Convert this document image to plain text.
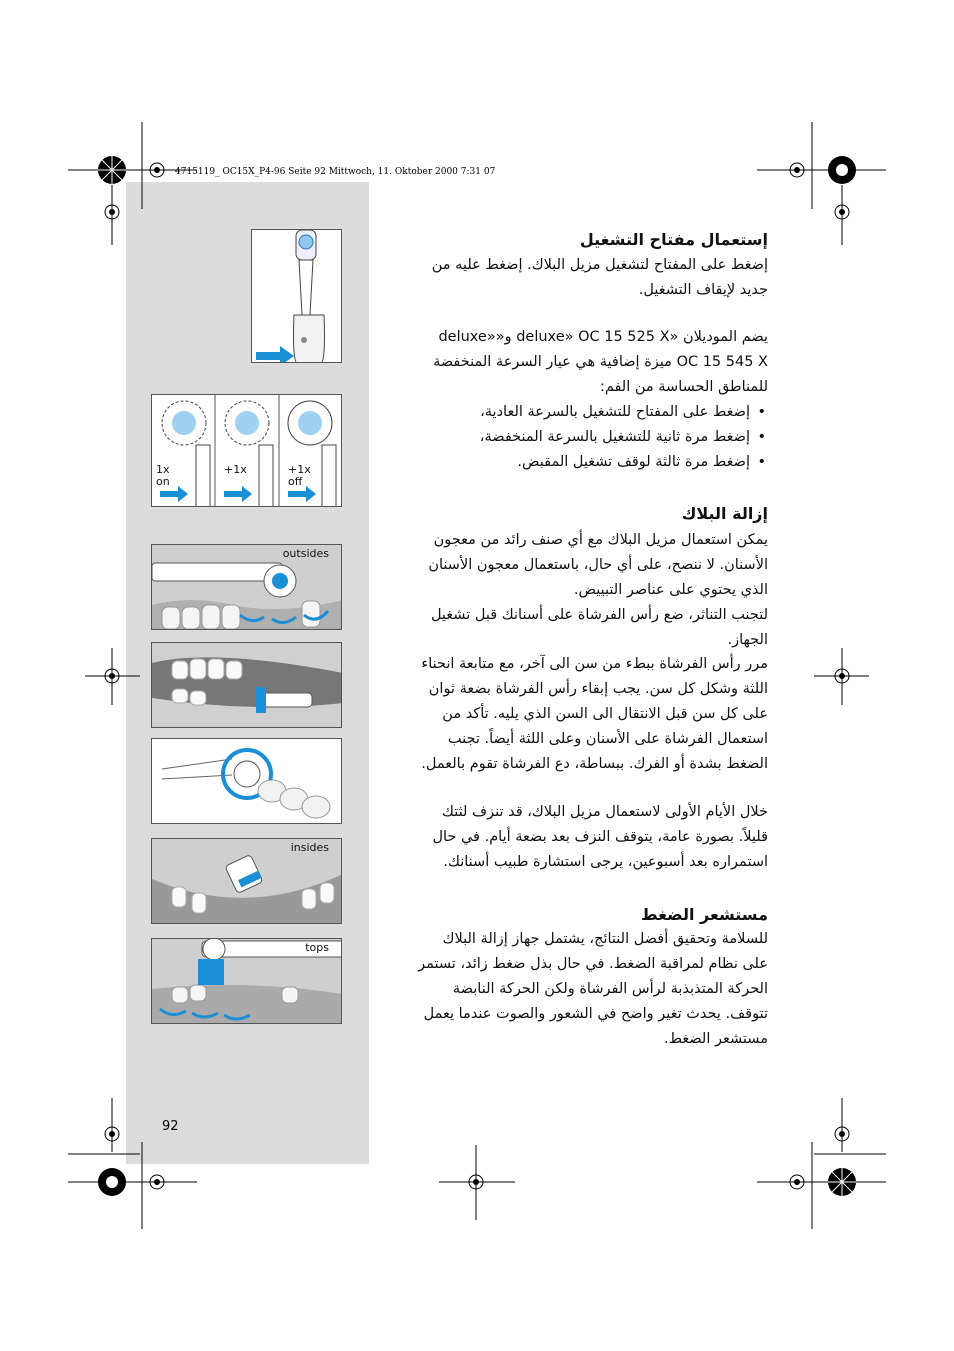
4715119_ OC15X_P4-96 Seite 92 Mittwoch, 11. Oktober 2000 7:31 07
1x
on
+1x	+1x
off
outsides
insides
tops
92
إستعمال مفتاح التشغيل
إضغط على المفتاح لتشغيل مزيل البلاك. إضغط عليه من جديد لإيقاف التشغيل.
يضم الموديلان «deluxe» OC 15 525 X و«deluxe» OC 15 545 X ميزة إضافية هي عيار السرعة المنخفضة للمناطق الحساسة من الفم:
• إضغط على المفتاح للتشغيل بالسرعة العادية،
• إضغط مرة ثانية للتشغيل بالسرعة المنخفضة،
• إضغط مرة ثالثة لوقف تشغيل المقبض.
إزالة البلاك
يمكن استعمال مزيل البلاك مع أي صنف رائد من معجون الأسنان. لا ننصح، على أي حال، باستعمال معجون الأسنان الذي يحتوي على عناصر التبييض.
لتجنب التناثر، ضع رأس الفرشاة على أسنانك قبل تشغيل الجهاز.
مرر رأس الفرشاة ببطء من سن الى آخر، مع متابعة انحناء اللثة وشكل كل سن. يجب إبقاء رأس الفرشاة بضعة ثوان على كل سن قبل الانتقال الى السن الذي يليه. تأكد من استعمال الفرشاة على الأسنان وعلى اللثة أيضاً. تجنب الضغط بشدة أو الفرك. ببساطة، دع الفرشاة تقوم بالعمل.
خلال الأيام الأولى لاستعمال مزيل البلاك، قد تنزف لثتك قليلاً. بصورة عامة، يتوقف النزف بعد بضعة أيام. في حال استمراره بعد أسبوعين، يرجى استشارة طبيب أسنانك.
مستشعر الضغط
للسلامة وتحقيق أفضل النتائج، يشتمل جهاز إزالة البلاك على نظام لمراقبة الضغط. في حال بذل ضغط زائد، تستمر الحركة المتذبذبة لرأس الفرشاة ولكن الحركة النابضة تتوقف. يحدث تغير واضح في الشعور والصوت عندما يعمل مستشعر الضغط.
